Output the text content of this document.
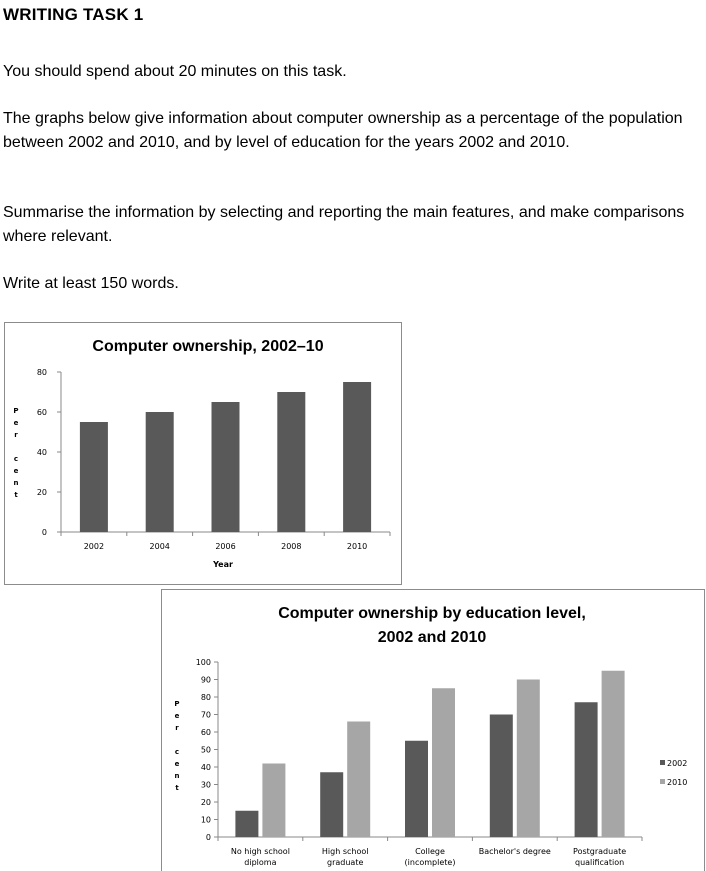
WRITING TASK 1
You should spend about 20 minutes on this task.
The graphs below give information about computer ownership as a percentage of the population between 2002 and 2010, and by level of education for the years 2002 and 2010.
Summarise the information by selecting and reporting the main features, and make comparisons where relevant.
Write at least 150 words.
Computer ownership, 2002–10
0
20
40
60
80
2002	2004	2006	2008	2010
Year
P e r c e n t
Computer ownership by education level,
2002 and 2010
0
10
20
30
40
50
60
70
80
90
100
No high school
diploma
High school
graduate
College
(incomplete)
Bachelor's degree	Postgraduate
qualification
P e r c e n t
2002
2010
